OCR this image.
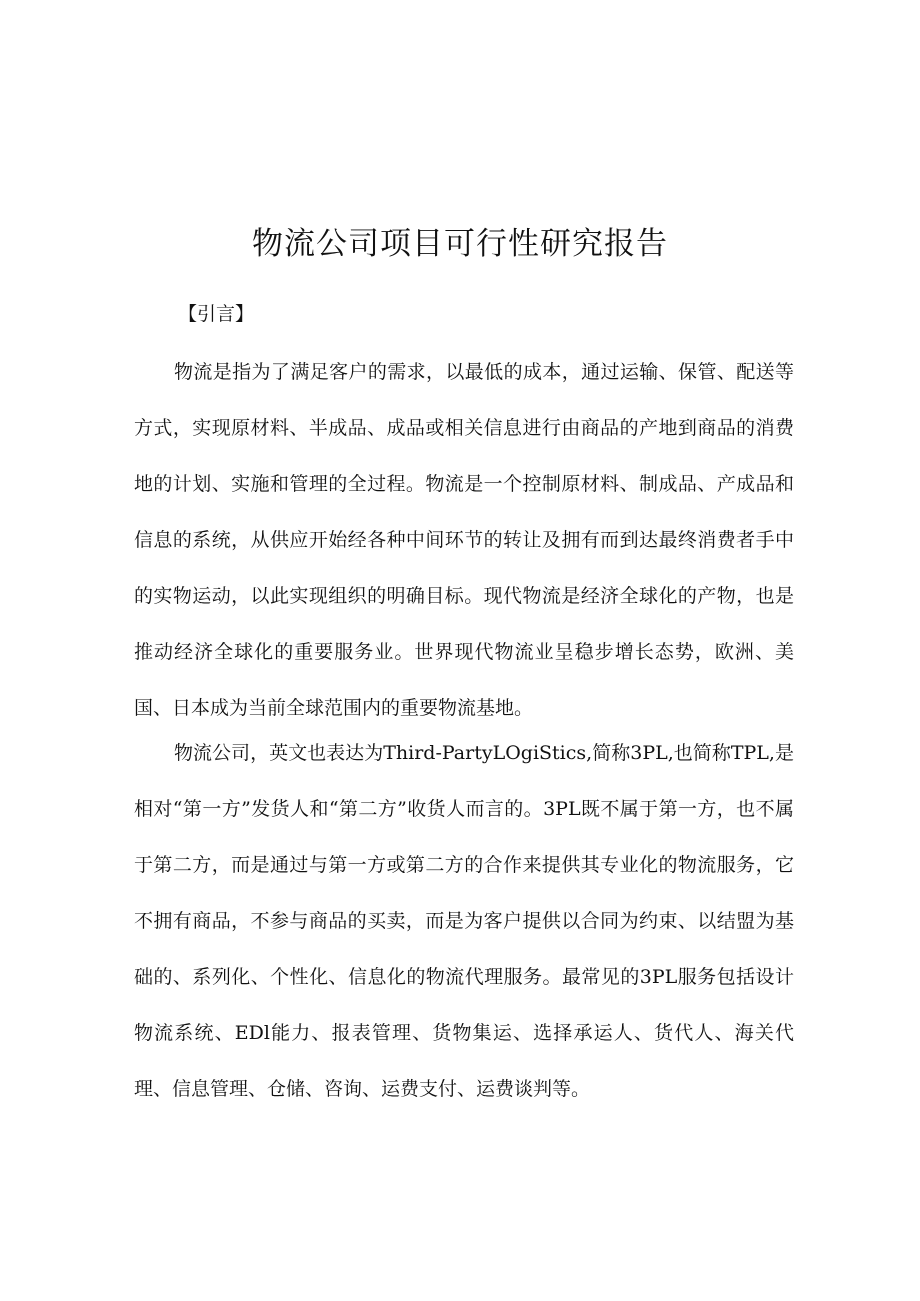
物流公司项目可行性研究报告

【引言】

物流是指为了满足客户的需求，以最低的成本，通过运输、保管、配送等方式，实现原材料、半成品、成品或相关信息进行由商品的产地到商品的消费地的计划、实施和管理的全过程。物流是一个控制原材料、制成品、产成品和信息的系统，从供应开始经各种中间环节的转让及拥有而到达最终消费者手中的实物运动，以此实现组织的明确目标。现代物流是经济全球化的产物，也是推动经济全球化的重要服务业。世界现代物流业呈稳步增长态势，欧洲、美国、日本成为当前全球范围内的重要物流基地。

物流公司，英文也表达为Third-PartyLOgiStics,简称3PL,也简称TPL,是相对“第一方”发货人和“第二方”收货人而言的。3PL既不属于第一方，也不属于第二方，而是通过与第一方或第二方的合作来提供其专业化的物流服务，它不拥有商品，不参与商品的买卖，而是为客户提供以合同为约束、以结盟为基础的、系列化、个性化、信息化的物流代理服务。最常见的3PL服务包括设计物流系统、EDl能力、报表管理、货物集运、选择承运人、货代人、海关代理、信息管理、仓储、咨询、运费支付、运费谈判等。
